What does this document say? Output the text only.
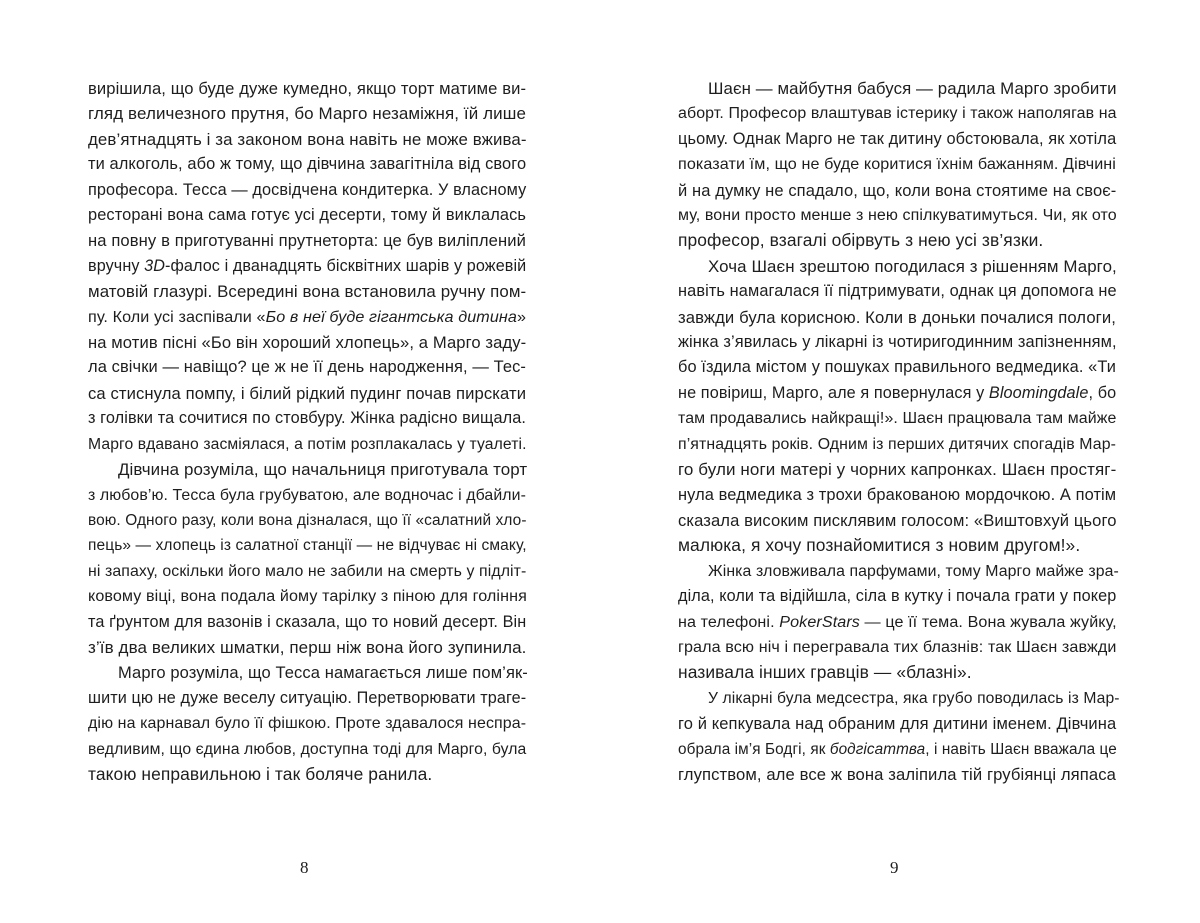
вирішила, що буде дуже кумедно, якщо торт матиме ви-
гляд величезного прутня, бо Марго незаміжня, їй лише
дев’ятнадцять і за законом вона навіть не може вжива-
ти алкоголь, або ж тому, що дівчина завагітніла від свого
професора. Тесса — досвідчена кондитерка. У власному
ресторані вона сама готує усі десерти, тому й виклалась
на повну в приготуванні прутнеторта: це був виліплений
вручну 3D-фалос і дванадцять бісквітних шарів у рожевій
матовій глазурі. Всередині вона встановила ручну пом-
пу. Коли усі заспівали «Бо в неї буде гігантська дитина»
на мотив пісні «Бо він хороший хлопець», а Марго заду-
ла свічки — навіщо? це ж не її день народження, — Тес-
са стиснула помпу, і білий рідкий пудинг почав пирскати
з голівки та сочитися по стовбуру. Жінка радісно вищала.
Марго вдавано засміялася, а потім розплакалась у туалеті.
Дівчина розуміла, що начальниця приготувала торт
з любов’ю. Тесса була грубуватою, але водночас і дбайли-
вою. Одного разу, коли вона дізналася, що її «салатний хло-
пець» — хлопець із салатної станції — не відчуває ні смаку,
ні запаху, оскільки його мало не забили на смерть у підліт-
ковому віці, вона подала йому тарілку з піною для гоління
та ґрунтом для вазонів і сказала, що то новий десерт. Він
з’їв два великих шматки, перш ніж вона його зупинила.
Марго розуміла, що Тесса намагається лише пом’як-
шити цю не дуже веселу ситуацію. Перетворювати траге-
дію на карнавал було її фішкою. Проте здавалося неспра-
ведливим, що єдина любов, доступна тоді для Марго, була
такою неправильною і так боляче ранила.
8
Шаєн — майбутня бабуся — радила Марго зробити
аборт. Професор влаштував істерику і також наполягав на
цьому. Однак Марго не так дитину обстоювала, як хотіла
показати їм, що не буде коритися їхнім бажанням. Дівчині
й на думку не спадало, що, коли вона стоятиме на своє-
му, вони просто менше з нею спілкуватимуться. Чи, як ото
професор, взагалі обірвуть з нею усі зв’язки.
Хоча Шаєн зрештою погодилася з рішенням Марго,
навіть намагалася її підтримувати, однак ця допомога не
завжди була корисною. Коли в доньки почалися пологи,
жінка з’явилась у лікарні із чотиригодинним запізненням,
бо їздила містом у пошуках правильного ведмедика. «Ти
не повіриш, Марго, але я повернулася у Bloomingdale, бо
там продавались найкращі!». Шаєн працювала там майже
п’ятнадцять років. Одним із перших дитячих спогадів Мар-
го були ноги матері у чорних капронках. Шаєн простяг-
нула ведмедика з трохи бракованою мордочкою. А потім
сказала високим писклявим голосом: «Виштовхуй цього
малюка, я хочу познайомитися з новим другом!».
Жінка зловживала парфумами, тому Марго майже зра-
діла, коли та відійшла, сіла в кутку і почала грати у покер
на телефоні. PokerStars — це її тема. Вона жувала жуйку,
грала всю ніч і перегравала тих блазнів: так Шаєн завжди
називала інших гравців — «блазні».
У лікарні була медсестра, яка грубо поводилась із Мар-
го й кепкувала над обраним для дитини іменем. Дівчина
обрала ім’я Бодгі, як бодгісаттва, і навіть Шаєн вважала це
глупством, але все ж вона заліпила тій грубіянці ляпаса
9
